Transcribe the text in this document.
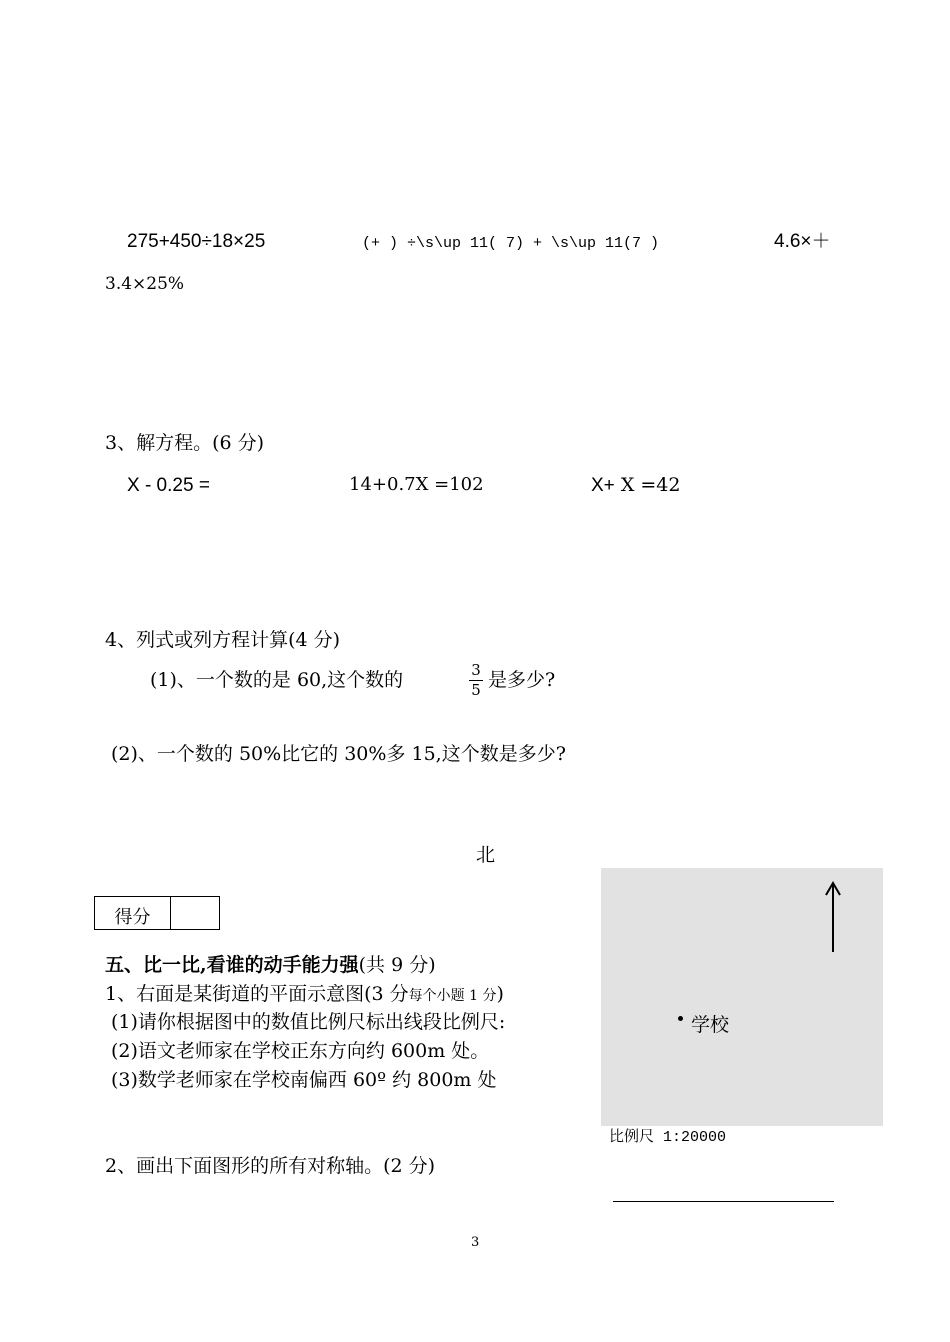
275+450÷18×25	(+ ) ÷\s\up 11( 7) + \s\up 11(7 )	4.6×＋
3.4×25%
3、解方程。(6 分)
X - 0.25 =	14+0.7X =102	X+ X =42
4、列式或列方程计算(4 分)
(1)、一个数的是 60,这个数的	3
5 是多少?
(2)、一个数的 50%比它的 30%多 15,这个数是多少?
北
得分
五、比一比,看谁的动手能力强(共 9 分)
1、右面是某街道的平面示意图(3 分每个小题 1 分)
(1)请你根据图中的数值比例尺标出线段比例尺:
(2)语文老师家在学校正东方向约 600m 处。
(3)数学老师家在学校南偏西 60º 约 800m 处
2、画出下面图形的所有对称轴。(2 分)
学校
比例尺 1:20000
3
